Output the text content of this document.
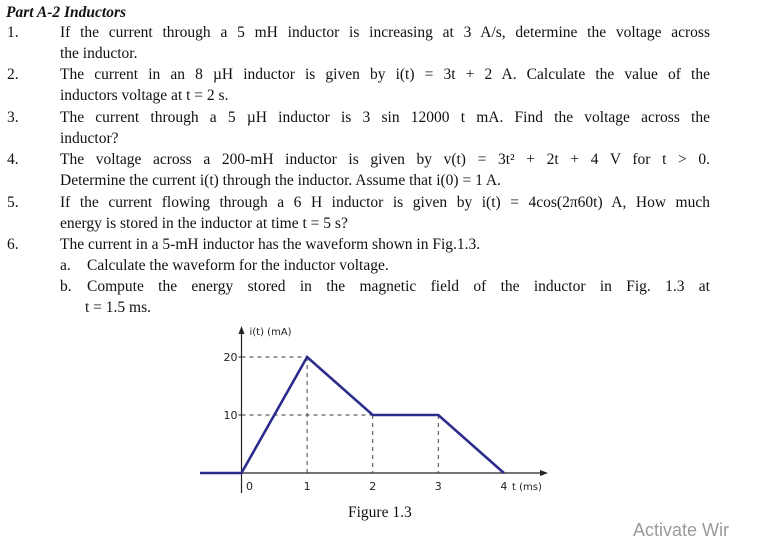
Part A-2 Inductors
1.	If the current through a 5 mH inductor is increasing at 3 A/s, determine the voltage across
the inductor.
2.	The current in an 8 µH inductor is given by i(t) = 3t + 2 A. Calculate the value of the
inductors voltage at t = 2 s.
3.	The current through a 5 µH inductor is 3 sin 12000 t mA. Find the voltage across the
inductor?
4.	The voltage across a 200-mH inductor is given by v(t) = 3t² + 2t + 4 V for t > 0.
Determine the current i(t) through the inductor. Assume that i(0) = 1 A.
5.	If the current flowing through a 6 H inductor is given by i(t) = 4cos(2π60t) A, How much
energy is stored in the inductor at time t = 5 s?
6.	The current in a 5-mH inductor has the waveform shown in Fig.1.3.
a. Calculate the waveform for the inductor voltage.
b. Compute the energy stored in the magnetic field of the inductor in Fig. 1.3 at
t = 1.5 ms.
0	1	2	3	4
10
20
i(t) (mA)
t (ms)
Figure 1.3
Activate Wir
